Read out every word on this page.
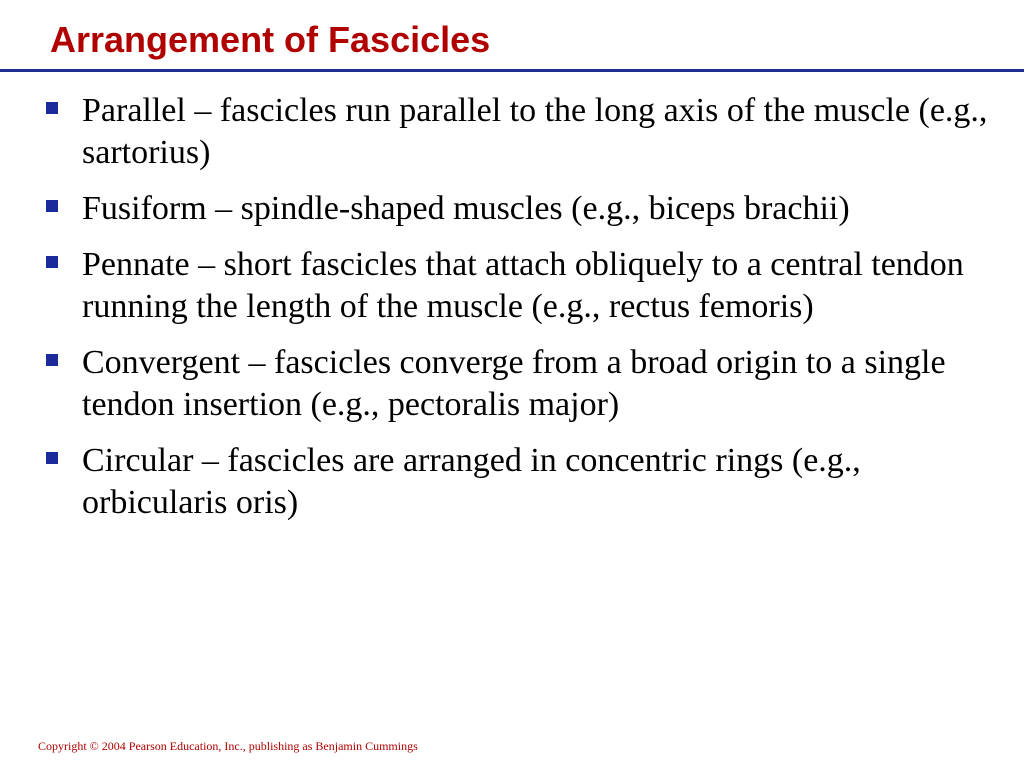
Arrangement of Fascicles
Parallel – fascicles run parallel to the long axis of the muscle (e.g., sartorius)
Fusiform – spindle-shaped muscles (e.g., biceps brachii)
Pennate – short fascicles that attach obliquely to a central tendon running the length of the muscle (e.g., rectus femoris)
Convergent – fascicles converge from a broad origin to a single tendon insertion (e.g., pectoralis major)
Circular – fascicles are arranged in concentric rings (e.g., orbicularis oris)
Copyright © 2004 Pearson Education, Inc., publishing as Benjamin Cummings
